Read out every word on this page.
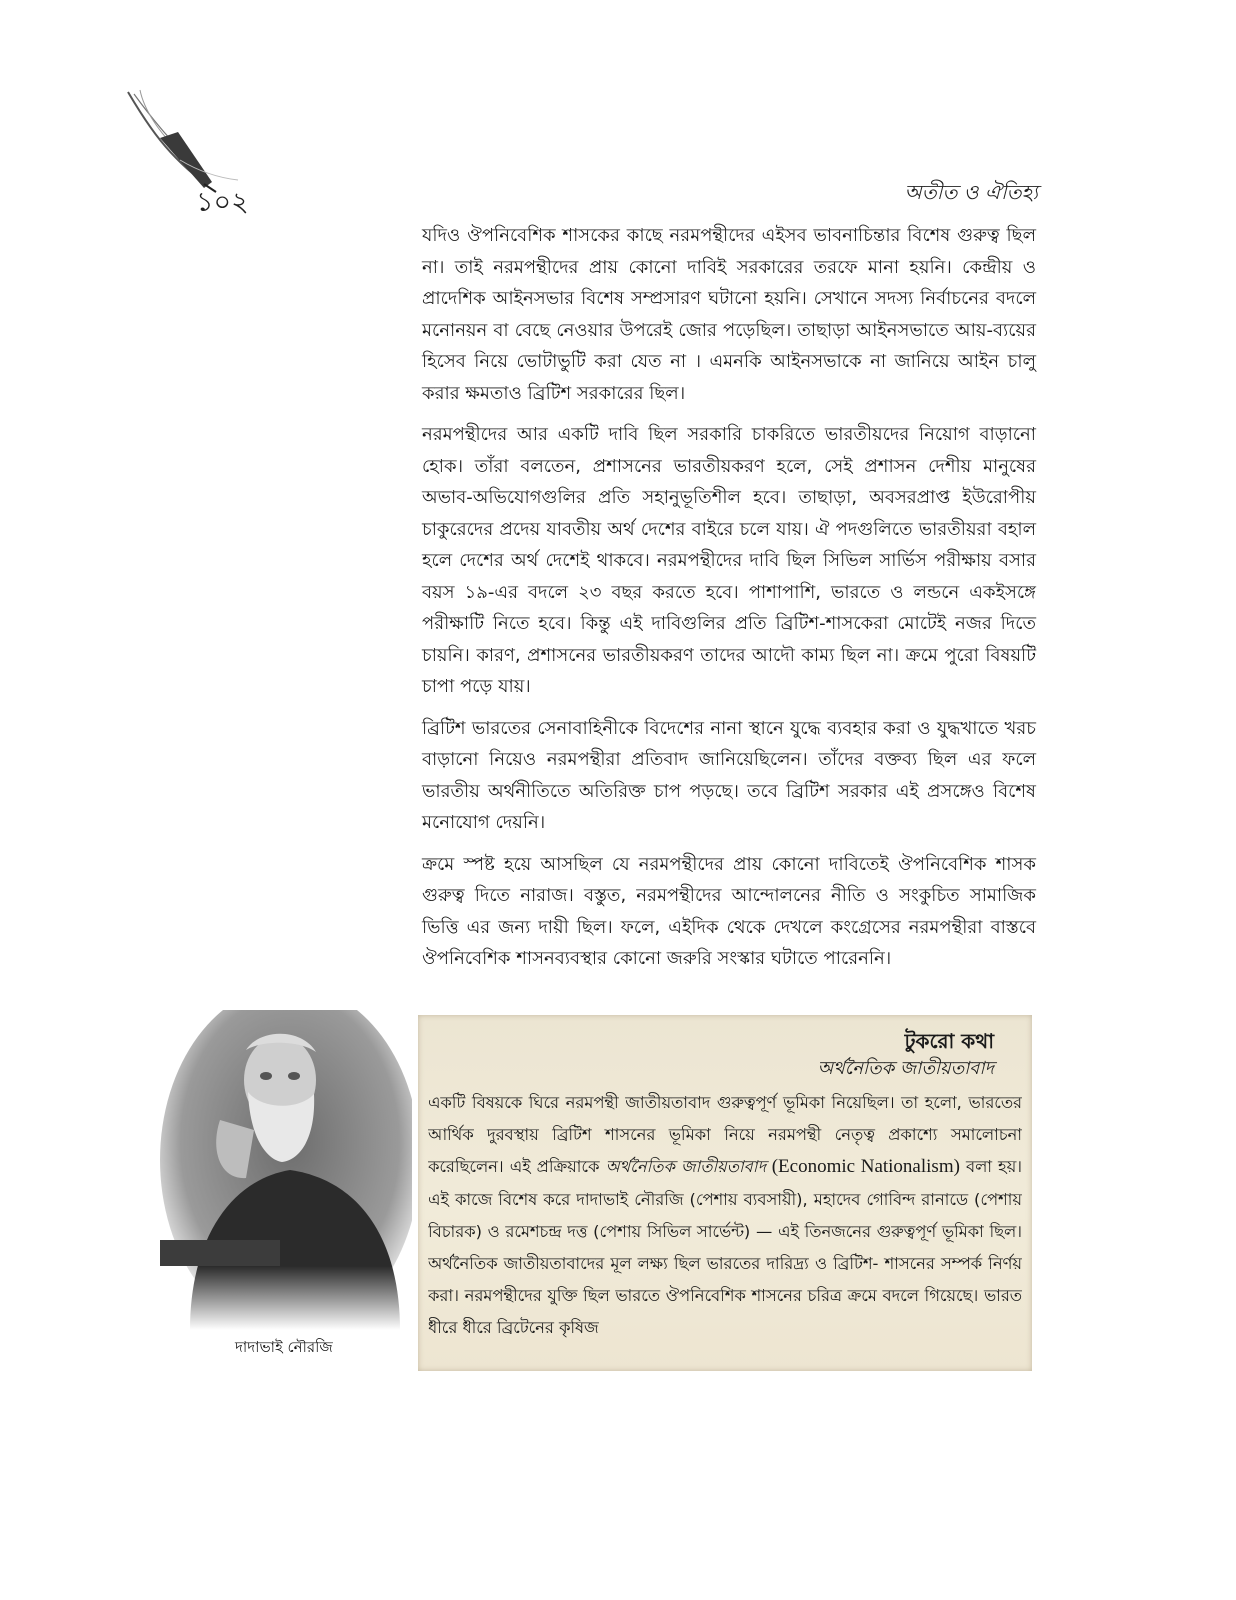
১০২	অতীত ও ঐতিহ্য

যদিও ঔপনিবেশিক শাসকের কাছে নরমপন্থীদের এইসব ভাবনাচিন্তার বিশেষ গুরুত্ব ছিল না। তাই নরমপন্থীদের প্রায় কোনো দাবিই সরকারের তরফে মানা হয়নি। কেন্দ্রীয় ও প্রাদেশিক আইনসভার বিশেষ সম্প্রসারণ ঘটানো হয়নি। সেখানে সদস্য নির্বাচনের বদলে মনোনয়ন বা বেছে নেওয়ার উপরেই জোর পড়েছিল। তাছাড়া আইনসভাতে আয়-ব্যয়ের হিসেব নিয়ে ভোটাভুটি করা যেত না । এমনকি আইনসভাকে না জানিয়ে আইন চালু করার ক্ষমতাও ব্রিটিশ সরকারের ছিল।

নরমপন্থীদের আর একটি দাবি ছিল সরকারি চাকরিতে ভারতীয়দের নিয়োগ বাড়ানো হোক। তাঁরা বলতেন, প্রশাসনের ভারতীয়করণ হলে, সেই প্রশাসন দেশীয় মানুষের অভাব-অভিযোগগুলির প্রতি সহানুভূতিশীল হবে। তাছাড়া, অবসরপ্রাপ্ত ইউরোপীয় চাকুরেদের প্রদেয় যাবতীয় অর্থ দেশের বাইরে চলে যায়। ঐ পদগুলিতে ভারতীয়রা বহাল হলে দেশের অর্থ দেশেই থাকবে। নরমপন্থীদের দাবি ছিল সিভিল সার্ভিস পরীক্ষায় বসার বয়স ১৯-এর বদলে ২৩ বছর করতে হবে। পাশাপাশি, ভারতে ও লন্ডনে একইসঙ্গে পরীক্ষাটি নিতে হবে। কিন্তু এই দাবিগুলির প্রতি ব্রিটিশ-শাসকেরা মোটেই নজর দিতে চায়নি। কারণ, প্রশাসনের ভারতীয়করণ তাদের আদৌ কাম্য ছিল না। ক্রমে পুরো বিষয়টি চাপা পড়ে যায়।

ব্রিটিশ ভারতের সেনাবাহিনীকে বিদেশের নানা স্থানে যুদ্ধে ব্যবহার করা ও যুদ্ধখাতে খরচ বাড়ানো নিয়েও নরমপন্থীরা প্রতিবাদ জানিয়েছিলেন। তাঁদের বক্তব্য ছিল এর ফলে ভারতীয় অর্থনীতিতে অতিরিক্ত চাপ পড়ছে। তবে ব্রিটিশ সরকার এই প্রসঙ্গেও বিশেষ মনোযোগ দেয়নি।

ক্রমে স্পষ্ট হয়ে আসছিল যে নরমপন্থীদের প্রায় কোনো দাবিতেই ঔপনিবেশিক শাসক গুরুত্ব দিতে নারাজ। বস্তুত, নরমপন্থীদের আন্দোলনের নীতি ও সংকুচিত সামাজিক ভিত্তি এর জন্য দায়ী ছিল। ফলে, এইদিক থেকে দেখলে কংগ্রেসের নরমপন্থীরা বাস্তবে ঔপনিবেশিক শাসনব্যবস্থার কোনো জরুরি সংস্কার ঘটাতে পারেননি।

দাদাভাই নৌরজি
টুকরো কথা
অর্থনৈতিক জাতীয়তাবাদ

একটি বিষয়কে ঘিরে নরমপন্থী জাতীয়তাবাদ গুরুত্বপূর্ণ ভূমিকা নিয়েছিল। তা হলো, ভারতের আর্থিক দুরবস্থায় ব্রিটিশ শাসনের ভূমিকা নিয়ে নরমপন্থী নেতৃত্ব প্রকাশ্যে সমালোচনা করেছিলেন। এই প্রক্রিয়াকে অর্থনৈতিক জাতীয়তাবাদ (Economic Nationalism) বলা হয়। এই কাজে বিশেষ করে দাদাভাই নৌরজি (পেশায় ব্যবসায়ী), মহাদেব গোবিন্দ রানাডে (পেশায় বিচারক) ও রমেশচন্দ্র দত্ত (পেশায় সিভিল সার্ভেন্ট) — এই তিনজনের গুরুত্বপূর্ণ ভূমিকা ছিল। অর্থনৈতিক জাতীয়তাবাদের মূল লক্ষ্য ছিল ভারতের দারিদ্র্য ও ব্রিটিশ- শাসনের সম্পর্ক নির্ণয় করা। নরমপন্থীদের যুক্তি ছিল ভারতে ঔপনিবেশিক শাসনের চরিত্র ক্রমে বদলে গিয়েছে। ভারত ধীরে ধীরে ব্রিটেনের কৃষিজ
